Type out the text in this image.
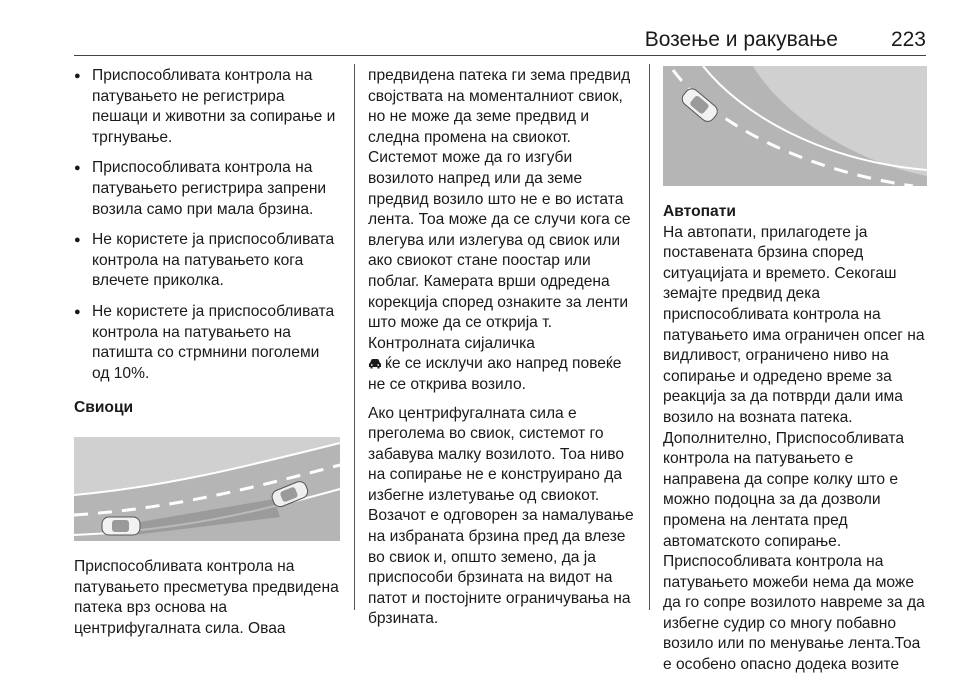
Возење и ракување	223
● Приспособливата контрола на патувањето не регистрира пешаци и животни за сопирање и тргнување.
● Приспособливата контрола на патувањето регистрира запрени возила само при мала брзина.
● Не користете ја приспособливата контрола на патувањето кога влечете приколка.
● Не користете ја приспособливата контрола на патувањето на патишта со стрмнини поголеми од 10%.
Свиоци

Приспособливата контрола на патувањето пресметува предвидена патека врз основа на центрифугалната сила. Оваа

предвидена патека ги зема предвид својствата на моменталниот свиок, но не може да земе предвид и следна промена на свиокот. Системот може да го изгуби возилото напред или да земе предвид возило што не е во истата лента. Тоа може да се случи кога се влегува или излегува од свиок или ако свиокот стане поостар или поблаг. Камерата врши одредена корекција според ознаките за ленти што може да се открија т. Контролната сијаличка

ќе се исклучи ако напред повеќе не се открива возило.

Ако центрифугалната сила е преголема во свиок, системот го забавува малку возилото. Тоа ниво на сопирање не е конструирано да избегне излетување од свиокот. Возачот е одговорен за намалување на избраната брзина пред да влезе во свиок и, општо земено, да ја приспособи брзината на видот на патот и постојните ограничувања на брзината.

Автопати

На автопати, прилагодете ја поставената брзина според ситуацијата и времето. Секогаш земајте предвид дека приспособливата контрола на патувањето има ограничен опсег на видливост, ограничено ниво на сопирање и одредено време за реакција за да потврди дали има возило на возната патека. Дополнително, Приспособливата контрола на патувањето е направена да сопре колку што е можно подоцна за да дозволи промена на лентата пред автоматското сопирање. Приспособливата контрола на патувањето можеби нема да може да го сопре возилото навреме за да избегне судир со многу побавно возило или по менување лента.Тоа е особено опасно додека возите
